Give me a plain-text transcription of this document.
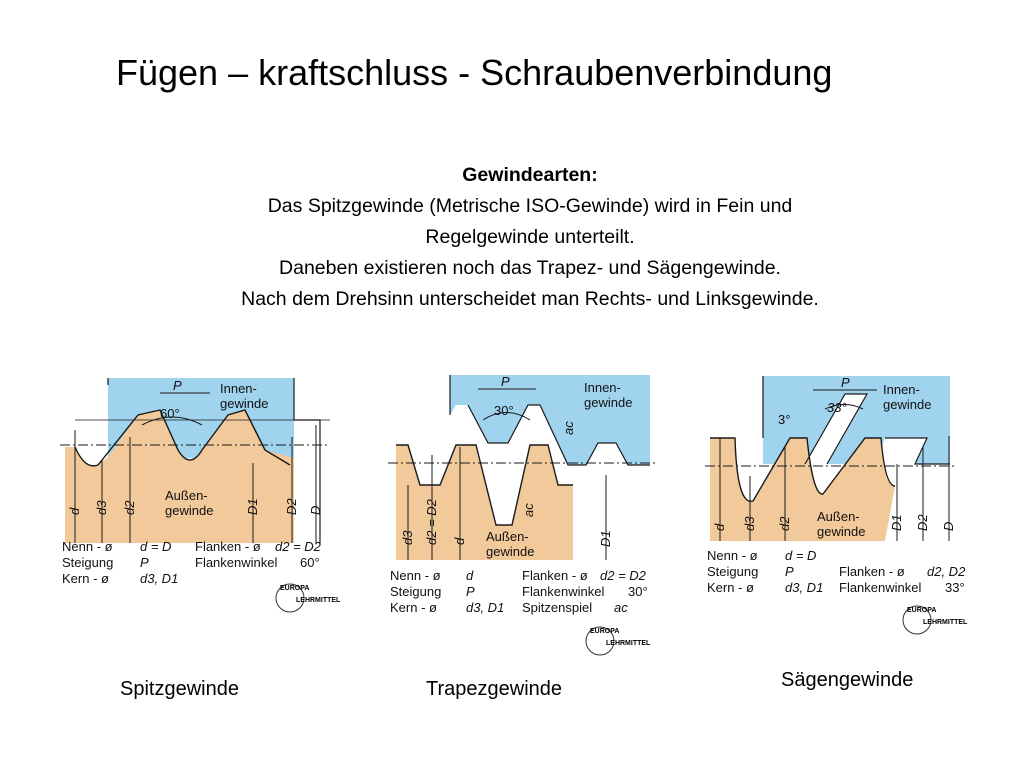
Fügen – kraftschluss - Schraubenverbindung
Gewindearten:
Das Spitzgewinde (Metrische ISO-Gewinde) wird in Fein und
Regelgewinde unterteilt.
Daneben existieren noch das Trapez- und Sägengewinde.
Nach dem Drehsinn unterscheidet man Rechts- und Linksgewinde.
P
60°
Innen-
gewinde
Außen-
gewinde
d d3 d2	D1 D2 D
Nenn - ø d = D Flanken - ø d2 = D2
Steigung P	Flankenwinkel 60°
Kern - ø d3, D1
EUROPA
LEHRMITTEL
Spitzgewinde
P
30°
Innen-
gewinde
Außen-
gewinde
d3 d2 = D2 d
ac
ac
D1
Nenn - ø d	Flanken - ø d2 = D2
Steigung P	Flankenwinkel 30°
Kern - ø d3, D1 Spitzenspiel ac
EUROPA
LEHRMITTEL
Trapezgewinde
P
33°
3°
Innen-
gewinde
Außen-
gewinde
d d3 d2	D1 D2 D
Nenn - ø d = D
Steigung P	Flanken - ø d2, D2
Kern - ø d3, D1 Flankenwinkel 33°
EUROPA
LEHRMITTEL
Sägengewinde
